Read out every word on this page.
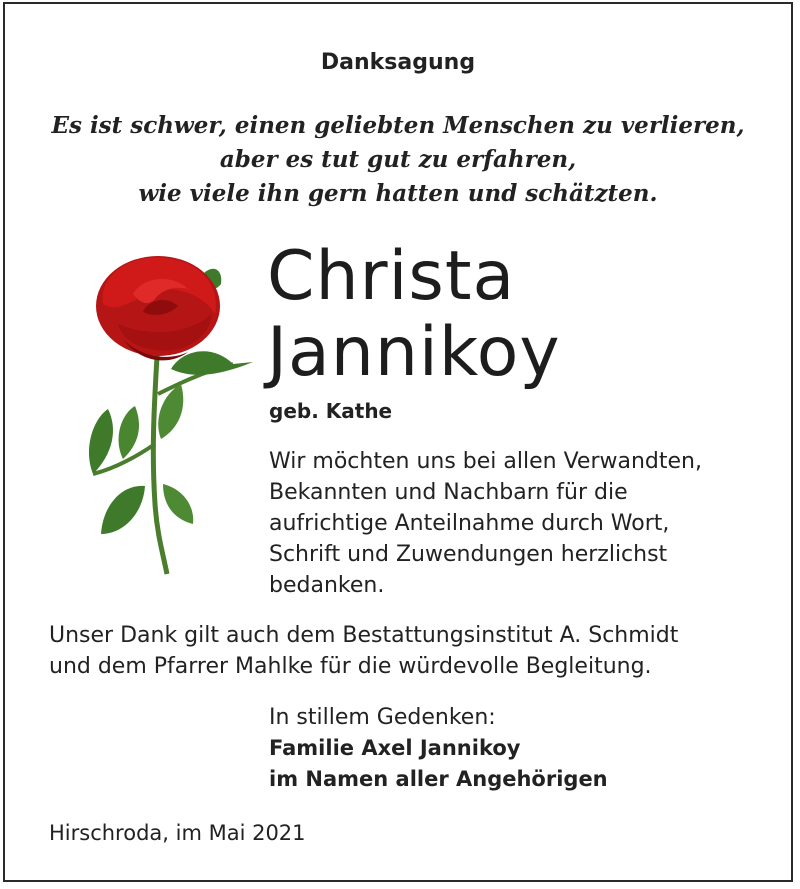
Danksagung
Es ist schwer, einen geliebten Menschen zu verlieren,
aber es tut gut zu erfahren,
wie viele ihn gern hatten und schätzten.
Christa
Jannikoy
geb. Kathe
Wir möchten uns bei allen Verwandten,
Bekannten und Nachbarn für die
aufrichtige Anteilnahme durch Wort,
Schrift und Zuwendungen herzlichst
bedanken.
Unser Dank gilt auch dem Bestattungsinstitut A. Schmidt
und dem Pfarrer Mahlke für die würdevolle Begleitung.
In stillem Gedenken:
Familie Axel Jannikoy
im Namen aller Angehörigen
Hirschroda, im Mai 2021
